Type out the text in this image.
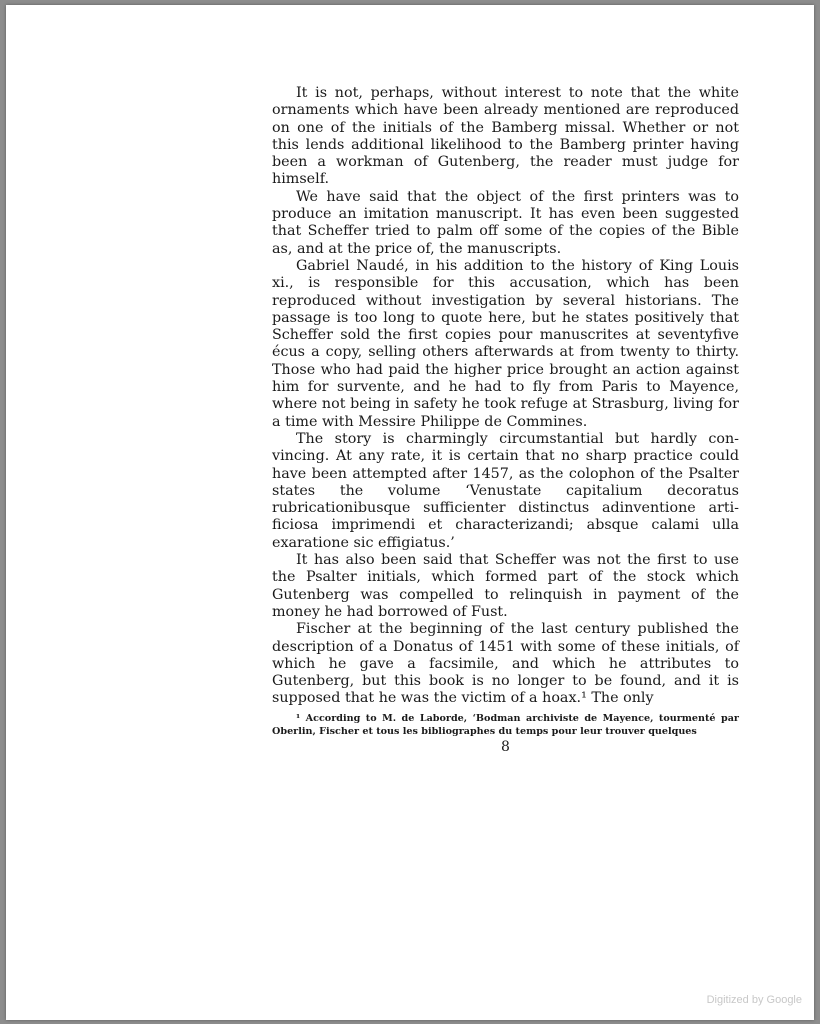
It is not, perhaps, without interest to note that the white ornaments which have been already mentioned are reproduced on one of the initials of the Bamberg missal. Whether or not this lends additional likelihood to the Bamberg printer having been a workman of Gutenberg, the reader must judge for himself.

We have said that the object of the first printers was to produce an imitation manuscript. It has even been suggested that Scheffer tried to palm off some of the copies of the Bible as, and at the price of, the manuscripts.

Gabriel Naudé, in his addition to the history of King Louis xi., is responsible for this accusation, which has been reproduced without investigation by several historians. The passage is too long to quote here, but he states positively that Scheffer sold the first copies pour manuscrites at seventyfive écus a copy, selling others afterwards at from twenty to thirty. Those who had paid the higher price brought an action against him for survente, and he had to fly from Paris to Mayence, where not being in safety he took refuge at Strasburg, living for a time with Messire Philippe de Commines.

The story is charmingly circumstantial but hardly convincing. At any rate, it is certain that no sharp practice could have been attempted after 1457, as the colophon of the Psalter states the volume ‘Venustate capitalium decoratus rubricationibusque sufficienter distinctus adinventione artificiosa imprimendi et characterizandi; absque calami ulla exaratione sic effigiatus.’

It has also been said that Scheffer was not the first to use the Psalter initials, which formed part of the stock which Gutenberg was compelled to relinquish in payment of the money he had borrowed of Fust.

Fischer at the beginning of the last century published the description of a Donatus of 1451 with some of these initials, of which he gave a facsimile, and which he attributes to Gutenberg, but this book is no longer to be found, and it is supposed that he was the victim of a hoax.¹ The only

¹ According to M. de Laborde, ‘Bodman archiviste de Mayence, tourmenté par Oberlin, Fischer et tous les bibliographes du temps pour leur trouver quelques
8
Digitized by Google
